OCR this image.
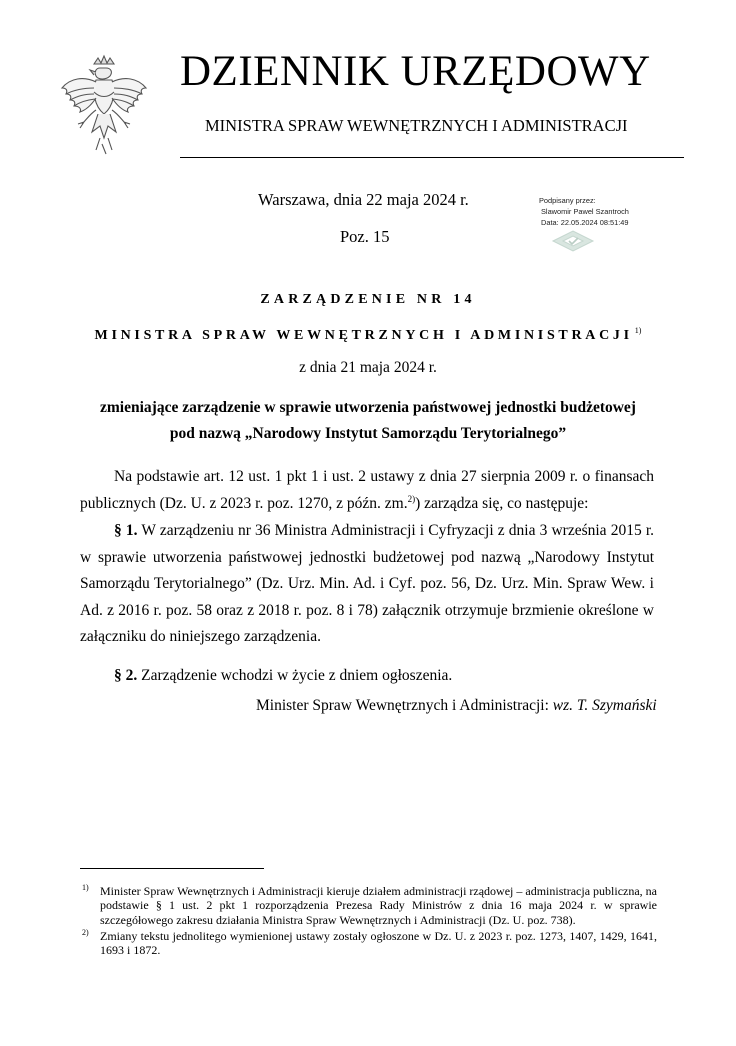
DZIENNIK URZĘDOWY
MINISTRA SPRAW WEWNĘTRZNYCH I ADMINISTRACJI
Warszawa, dnia 22 maja 2024 r.
Poz. 15
Podpisany przez:
Slawomir Pawel Szantroch
Data: 22.05.2024 08:51:49
ZARZĄDZENIE NR 14
MINISTRA SPRAW WEWNĘTRZNYCH I ADMINISTRACJI $^{1)}$
z dnia 21 maja 2024 r.
zmieniające zarządzenie w sprawie utworzenia państwowej jednostki budżetowej pod nazwą „Narodowy Instytut Samorządu Terytorialnego”
Na podstawie art. 12 ust. 1 pkt 1 i ust. 2 ustawy z dnia 27 sierpnia 2009 r. o finansach publicznych (Dz. U. z 2023 r. poz. 1270, z późn. zm.$^{2)}$) zarządza się, co następuje:
§ 1. W zarządzeniu nr 36 Ministra Administracji i Cyfryzacji z dnia 3 września 2015 r. w sprawie utworzenia państwowej jednostki budżetowej pod nazwą „Narodowy Instytut Samorządu Terytorialnego” (Dz. Urz. Min. Ad. i Cyf. poz. 56, Dz. Urz. Min. Spraw Wew. i Ad. z 2016 r. poz. 58 oraz z 2018 r. poz. 8 i 78) załącznik otrzymuje brzmienie określone w załączniku do niniejszego zarządzenia.
§ 2. Zarządzenie wchodzi w życie z dniem ogłoszenia.
Minister Spraw Wewnętrznych i Administracji: wz. T. Szymański
1) Minister Spraw Wewnętrznych i Administracji kieruje działem administracji rządowej – administracja publiczna, na podstawie § 1 ust. 2 pkt 1 rozporządzenia Prezesa Rady Ministrów z dnia 16 maja 2024 r. w sprawie szczegółowego zakresu działania Ministra Spraw Wewnętrznych i Administracji (Dz. U. poz. 738).
2) Zmiany tekstu jednolitego wymienionej ustawy zostały ogłoszone w Dz. U. z 2023 r. poz. 1273, 1407, 1429, 1641, 1693 i 1872.
